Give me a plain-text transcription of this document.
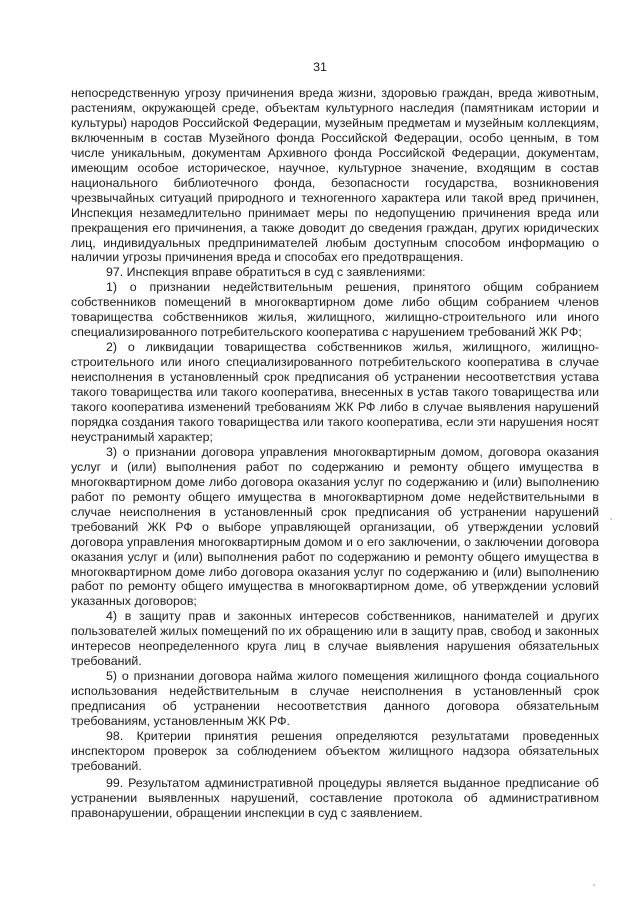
31

непосредственную угрозу причинения вреда жизни, здоровью граждан, вреда животным, растениям, окружающей среде, объектам культурного наследия (памятникам истории и культуры) народов Российской Федерации, музейным предметам и музейным коллекциям, включенным в состав Музейного фонда Российской Федерации, особо ценным, в том числе уникальным, документам Архивного фонда Российской Федерации, документам, имеющим особое историческое, научное, культурное значение, входящим в состав национального библиотечного фонда, безопасности государства, возникновения чрезвычайных ситуаций природного и техногенного характера или такой вред причинен, Инспекция незамедлительно принимает меры по недопущению причинения вреда или прекращения его причинения, а также доводит до сведения граждан, других юридических лиц, индивидуальных предпринимателей любым доступным способом информацию о наличии угрозы причинения вреда и способах его предотвращения.

97. Инспекция вправе обратиться в суд с заявлениями:

1) о признании недействительным решения, принятого общим собранием собственников помещений в многоквартирном доме либо общим собранием членов товарищества собственников жилья, жилищного, жилищно-строительного или иного специализированного потребительского кооператива с нарушением требований ЖК РФ;

2) о ликвидации товарищества собственников жилья, жилищного, жилищно-строительного или иного специализированного потребительского кооператива в случае неисполнения в установленный срок предписания об устранении несоответствия устава такого товарищества или такого кооператива, внесенных в устав такого товарищества или такого кооператива изменений требованиям ЖК РФ либо в случае выявления нарушений порядка создания такого товарищества или такого кооператива, если эти нарушения носят неустранимый характер;

3) о признании договора управления многоквартирным домом, договора оказания услуг и (или) выполнения работ по содержанию и ремонту общего имущества в многоквартирном доме либо договора оказания услуг по содержанию и (или) выполнению работ по ремонту общего имущества в многоквартирном доме недействительными в случае неисполнения в установленный срок предписания об устранении нарушений требований ЖК РФ о выборе управляющей организации, об утверждении условий договора управления многоквартирным домом и о его заключении, о заключении договора оказания услуг и (или) выполнения работ по содержанию и ремонту общего имущества в многоквартирном доме либо договора оказания услуг по содержанию и (или) выполнению работ по ремонту общего имущества в многоквартирном доме, об утверждении условий указанных договоров;

4) в защиту прав и законных интересов собственников, нанимателей и других пользователей жилых помещений по их обращению или в защиту прав, свобод и законных интересов неопределенного круга лиц в случае выявления нарушения обязательных требований.

5) о признании договора найма жилого помещения жилищного фонда социального использования недействительным в случае неисполнения в установленный срок предписания об устранении несоответствия данного договора обязательным требованиям, установленным ЖК РФ.

98. Критерии принятия решения определяются результатами проведенных инспектором проверок за соблюдением объектом жилищного надзора обязательных требований.

99. Результатом административной процедуры является выданное предписание об устранении выявленных нарушений, составление протокола об административном правонарушении, обращении инспекции в суд с заявлением.
